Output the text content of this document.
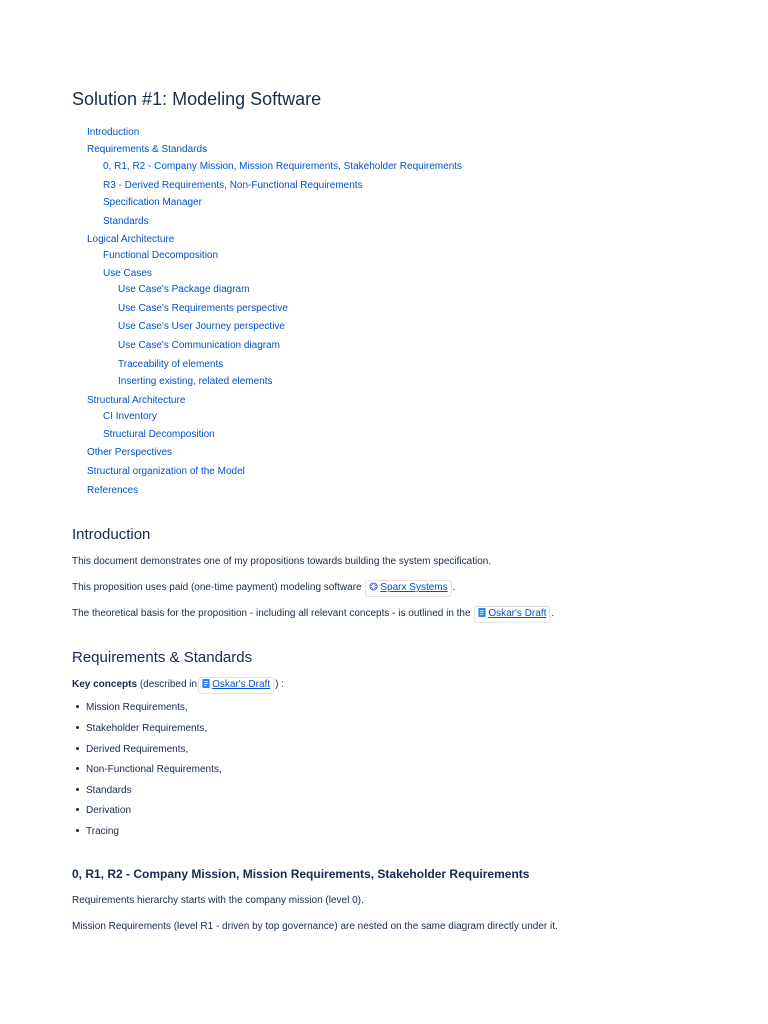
Solution #1: Modeling Software
Introduction
Requirements & Standards
0, R1, R2 - Company Mission, Mission Requirements, Stakeholder Requirements
R3 - Derived Requirements, Non-Functional Requirements
Specification Manager
Standards
Logical Architecture
Functional Decomposition
Use Cases
Use Case's Package diagram
Use Case's Requirements perspective
Use Case's User Journey perspective
Use Case's Communication diagram
Traceability of elements
Inserting existing, related elements
Structural Architecture
CI Inventory
Structural Decomposition
Other Perspectives
Structural organization of the Model
References
Introduction
This document demonstrates one of my propositions towards building the system specification.
This proposition uses paid (one-time payment) modeling software Sparx Systems .
The theoretical basis for the proposition - including all relevant concepts - is outlined in the Oskar's Draft .
Requirements & Standards
Key concepts (described in Oskar's Draft ) :
Mission Requirements,
Stakeholder Requirements,
Derived Requirements,
Non-Functional Requirements,
Standards
Derivation
Tracing
0, R1, R2 - Company Mission, Mission Requirements, Stakeholder Requirements
Requirements hierarchy starts with the company mission (level 0).
Mission Requirements (level R1 - driven by top governance) are nested on the same diagram directly under it.
